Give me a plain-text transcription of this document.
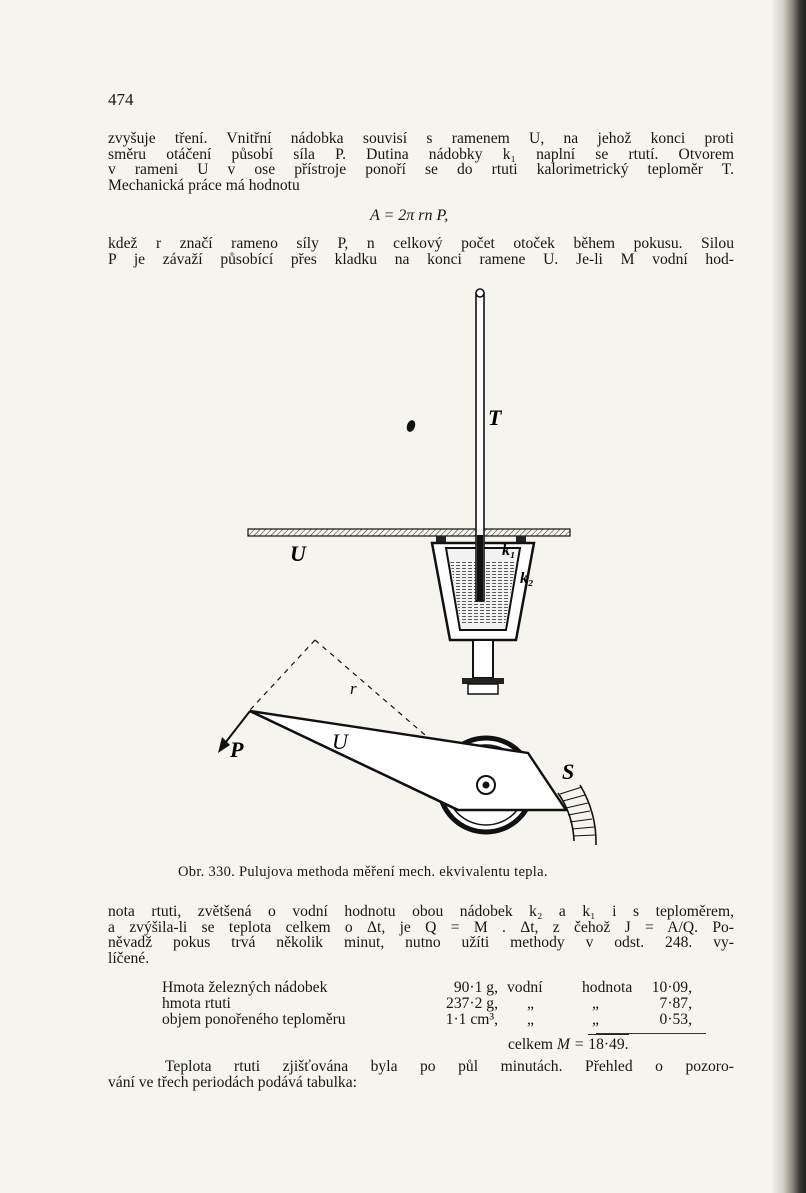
474
zvyšuje tření. Vnitřní nádobka souvisí s ramenem U, na jehož konci proti
směru otáčení působí síla P. Dutina nádobky k₁ naplní se rtutí. Otvorem
v rameni U v ose přístroje ponoří se do rtuti kalorimetrický teploměr T.
Mechanická práce má hodnotu
A = 2π rn P,
kdež r značí rameno síly P, n celkový počet otoček během pokusu. Silou
P je závaží působící přes kladku na konci ramene U. Je-li M vodní hod-
T
U	k₁
k₂
r
U
P
S
Obr. 330. Pulujova methoda měření mech. ekvivalentu tepla.
nota rtuti, zvětšená o vodní hodnotu obou nádobek k₂ a k₁ i s teploměrem,
a zvýšila-li se teplota celkem o Δt, je Q = M . Δt, z čehož J = A/Q. Po-
něvadž pokus trvá několik minut, nutno užíti methody v odst. 248. vy-
líčené.
Hmota železných nádobek	90·1 g, vodní	hodnota	10·09,
hmota rtuti	237·2 g, „	„	7·87,
objem ponořeného teploměru	1·1 cm³, „	„	0·53,
celkem M = 18·49.
Teplota rtuti zjišťována byla po půl minutách. Přehled o pozoro-
vání ve třech periodách podává tabulka:
